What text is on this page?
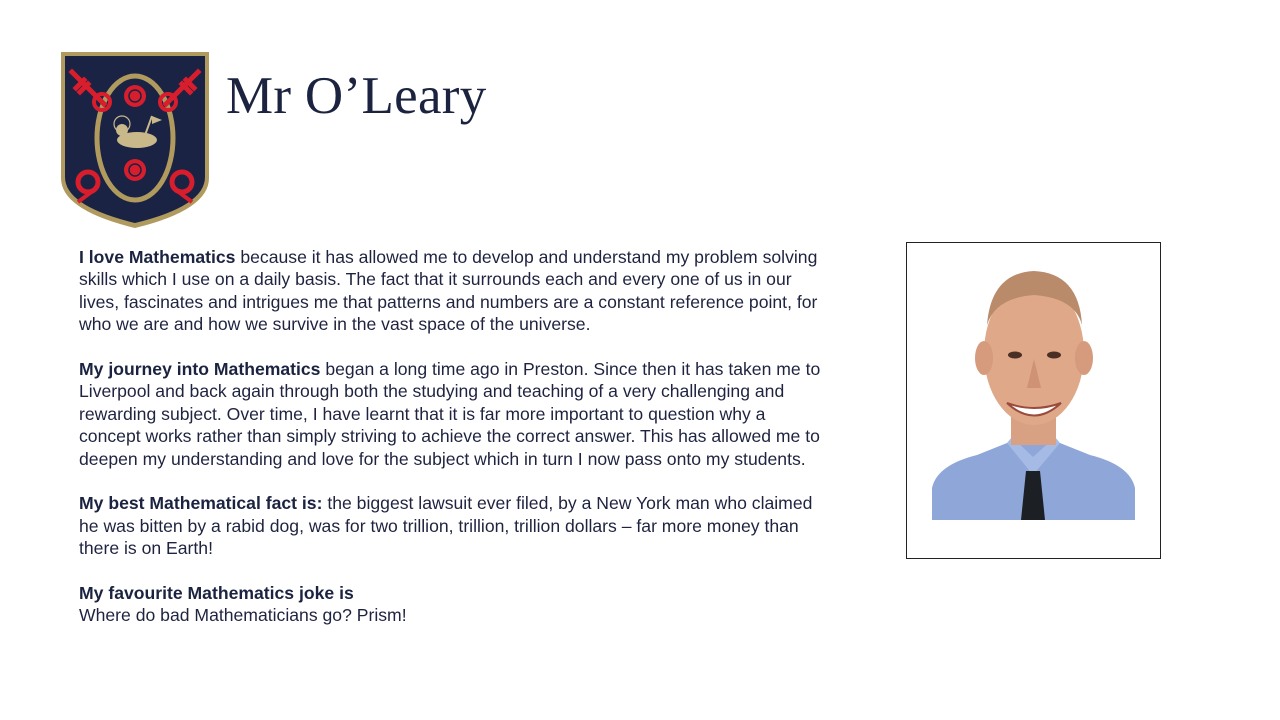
Mr O’Leary

I love Mathematics because it has allowed me to develop and understand my problem solving skills which I use on a daily basis. The fact that it surrounds each and every one of us in our lives, fascinates and intrigues me that patterns and numbers are a constant reference point, for who we are and how we survive in the vast space of the universe.

My journey into Mathematics began a long time ago in Preston. Since then it has taken me to Liverpool and back again through both the studying and teaching of a very challenging and rewarding subject. Over time, I have learnt that it is far more important to question why a concept works rather than simply striving to achieve the correct answer. This has allowed me to deepen my understanding and love for the subject which in turn I now pass onto my students.

My best Mathematical fact is: the biggest lawsuit ever filed, by a New York man who claimed he was bitten by a rabid dog, was for two trillion, trillion, trillion dollars – far more money than there is on Earth!

My favourite Mathematics joke is
Where do bad Mathematicians go? Prism!
